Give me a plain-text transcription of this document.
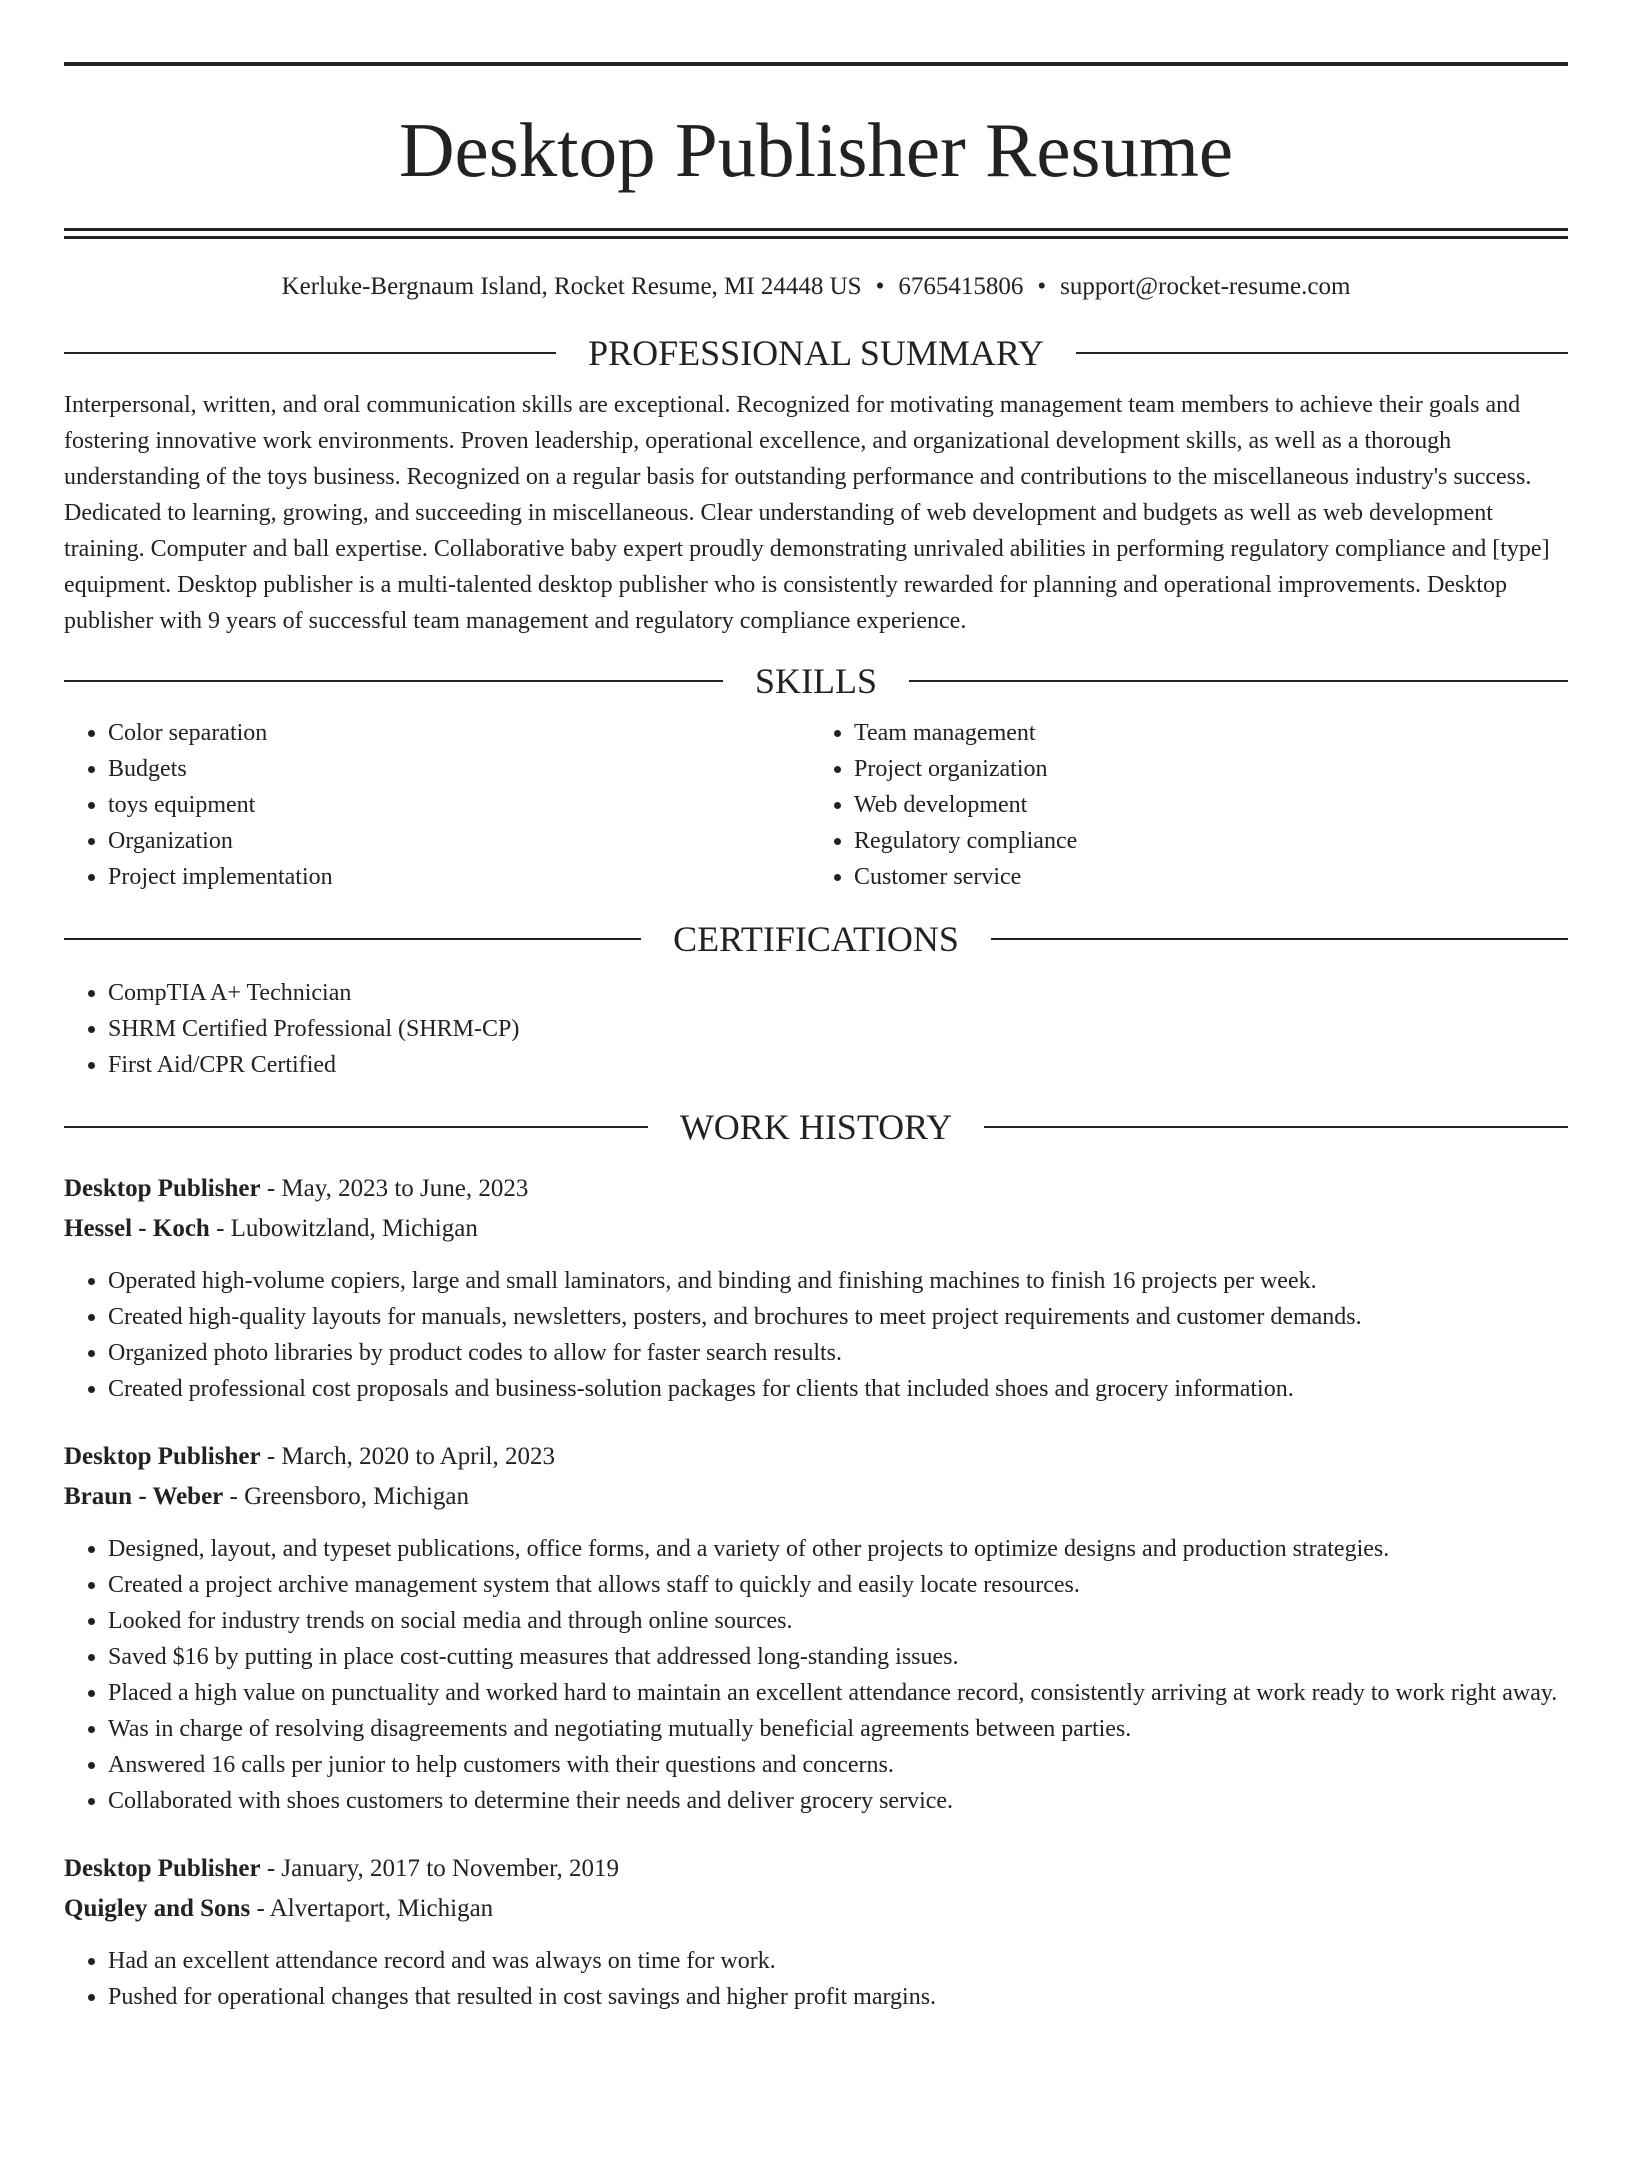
Desktop Publisher Resume
Kerluke-Bergnaum Island, Rocket Resume, MI 24448 US • 6765415806 • support@rocket-resume.com
PROFESSIONAL SUMMARY

Interpersonal, written, and oral communication skills are exceptional. Recognized for motivating management team members to achieve their goals and fostering innovative work environments. Proven leadership, operational excellence, and organizational development skills, as well as a thorough understanding of the toys business. Recognized on a regular basis for outstanding performance and contributions to the miscellaneous industry's success. Dedicated to learning, growing, and succeeding in miscellaneous. Clear understanding of web development and budgets as well as web development training. Computer and ball expertise. Collaborative baby expert proudly demonstrating unrivaled abilities in performing regulatory compliance and [type] equipment. Desktop publisher is a multi-talented desktop publisher who is consistently rewarded for planning and operational improvements. Desktop publisher with 9 years of successful team management and regulatory compliance experience.

SKILLS
• Color separation
• Budgets
• toys equipment
• Organization
• Project implementation
• Team management
• Project organization
• Web development
• Regulatory compliance
• Customer service
CERTIFICATIONS
• CompTIA A+ Technician
• SHRM Certified Professional (SHRM-CP)
• First Aid/CPR Certified
WORK HISTORY
Desktop Publisher - May, 2023 to June, 2023
Hessel - Koch - Lubowitzland, Michigan
• Operated high-volume copiers, large and small laminators, and binding and finishing machines to finish 16 projects per week.
• Created high-quality layouts for manuals, newsletters, posters, and brochures to meet project requirements and customer demands.
• Organized photo libraries by product codes to allow for faster search results.
• Created professional cost proposals and business-solution packages for clients that included shoes and grocery information.
Desktop Publisher - March, 2020 to April, 2023
Braun - Weber - Greensboro, Michigan
• Designed, layout, and typeset publications, office forms, and a variety of other projects to optimize designs and production strategies.
• Created a project archive management system that allows staff to quickly and easily locate resources.
• Looked for industry trends on social media and through online sources.
• Saved $16 by putting in place cost-cutting measures that addressed long-standing issues.
• Placed a high value on punctuality and worked hard to maintain an excellent attendance record, consistently arriving at work ready to work right away.
• Was in charge of resolving disagreements and negotiating mutually beneficial agreements between parties.
• Answered 16 calls per junior to help customers with their questions and concerns.
• Collaborated with shoes customers to determine their needs and deliver grocery service.
Desktop Publisher - January, 2017 to November, 2019
Quigley and Sons - Alvertaport, Michigan
• Had an excellent attendance record and was always on time for work.
• Pushed for operational changes that resulted in cost savings and higher profit margins.
